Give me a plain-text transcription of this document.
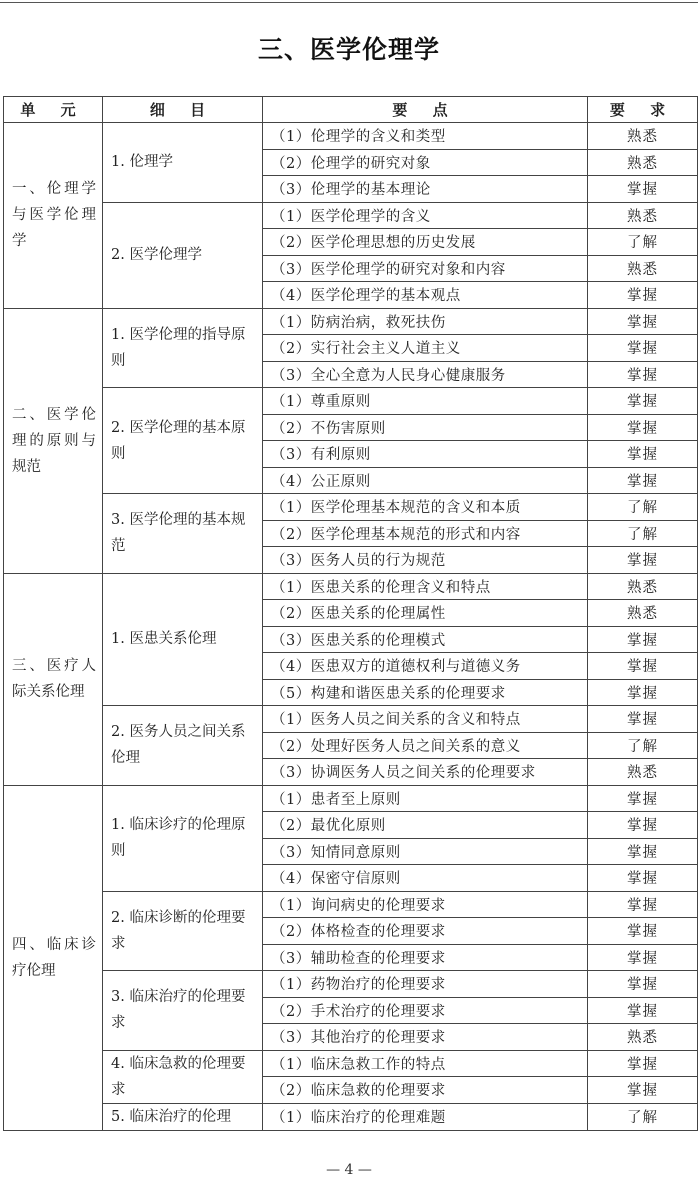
三、医学伦理学
单 元	细 目	要 点	要 求
一、伦理学与医学伦理学	1. 伦理学	（1）伦理学的含义和类型	熟悉
		（2）伦理学的研究对象	熟悉
		（3）伦理学的基本理论	掌握
	2. 医学伦理学	（1）医学伦理学的含义	熟悉
		（2）医学伦理思想的历史发展	了解
		（3）医学伦理学的研究对象和内容	熟悉
		（4）医学伦理学的基本观点	掌握
二、医学伦理的原则与规范	1. 医学伦理的指导原则	（1）防病治病，救死扶伤	掌握
		（2）实行社会主义人道主义	掌握
		（3）全心全意为人民身心健康服务	掌握
	2. 医学伦理的基本原则	（1）尊重原则	掌握
		（2）不伤害原则	掌握
		（3）有利原则	掌握
		（4）公正原则	掌握
	3. 医学伦理的基本规范	（1）医学伦理基本规范的含义和本质	了解
		（2）医学伦理基本规范的形式和内容	了解
		（3）医务人员的行为规范	掌握
三、医疗人际关系伦理	1. 医患关系伦理	（1）医患关系的伦理含义和特点	熟悉
		（2）医患关系的伦理属性	熟悉
		（3）医患关系的伦理模式	掌握
		（4）医患双方的道德权利与道德义务	掌握
		（5）构建和谐医患关系的伦理要求	掌握
	2. 医务人员之间关系伦理	（1）医务人员之间关系的含义和特点	掌握
		（2）处理好医务人员之间关系的意义	了解
		（3）协调医务人员之间关系的伦理要求	熟悉
四、临床诊疗伦理	1. 临床诊疗的伦理原则	（1）患者至上原则	掌握
		（2）最优化原则	掌握
		（3）知情同意原则	掌握
		（4）保密守信原则	掌握
	2. 临床诊断的伦理要求	（1）询问病史的伦理要求	掌握
		（2）体格检查的伦理要求	掌握
		（3）辅助检查的伦理要求	掌握
	3. 临床治疗的伦理要求	（1）药物治疗的伦理要求	掌握
		（2）手术治疗的伦理要求	掌握
		（3）其他治疗的伦理要求	熟悉
	4. 临床急救的伦理要求	（1）临床急救工作的特点	掌握
		（2）临床急救的伦理要求	掌握
	5. 临床治疗的伦理	（1）临床治疗的伦理难题	了解
— 4 —
